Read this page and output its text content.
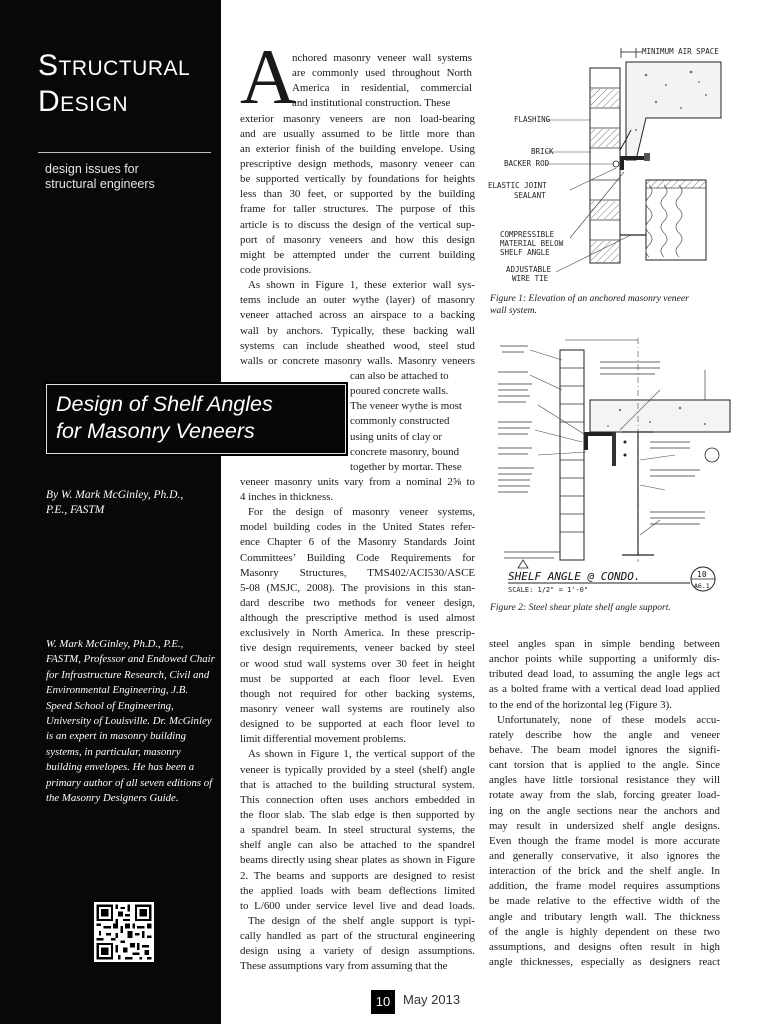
Structural
Design
design issues for
structural engineers
By W. Mark McGinley, Ph.D.,
P.E., FASTM
W. Mark McGinley, Ph.D., P.E., FASTM, Professor and Endowed Chair for Infrastructure Research, Civil and Environmental Engineering, J.B. Speed School of Engineering, University of Louisville. Dr. McGinley is an expert in masonry building systems, in particular, masonry building envelopes. He has been a primary author of all seven editions of the Masonry Designers Guide.
A

nchored masonry veneer wall systems

are commonly used throughout North

America in residential, commercial

and institutional construction. These

exterior masonry veneers are non load-bearing

and are usually assumed to be little more than

an exterior finish of the building envelope. Using

prescriptive design methods, masonry veneer can

be supported vertically by foundations for heights

less than 30 feet, or supported by the building

frame for taller structures. The purpose of this

article is to discuss the design of the vertical sup-

port of masonry veneers and how this design

might be attempted under the current building

code provisions.

As shown in Figure 1, these exterior wall sys-

tems include an outer wythe (layer) of masonry

veneer attached across an airspace to a backing

wall by anchors. Typically, these backing wall

systems can include sheathed wood, steel stud

walls or concrete masonry walls. Masonry veneers

can also be attached to

poured concrete walls.

The veneer wythe is most

commonly constructed

using units of clay or

concrete masonry, bound

together by mortar. These

veneer masonry units vary from a nominal 2⅝ to

4 inches in thickness.

For the design of masonry veneer systems,

model building codes in the United States refer-

ence Chapter 6 of the Masonry Standards Joint

Committees’ Building Code Requirements for

Masonry Structures, TMS402/ACI530/ASCE

5-08 (MSJC, 2008). The provisions in this stan-

dard describe two methods for veneer design,

although the prescriptive method is used almost

exclusively in North America. In these prescrip-

tive design requirements, veneer backed by steel

or wood stud wall systems over 30 feet in height

must be supported at each floor level. Even

though not required for other backing systems,

masonry veneer wall systems are routinely also

designed to be supported at each floor level to

limit differential movement problems.

As shown in Figure 1, the vertical support of the

veneer is typically provided by a steel (shelf) angle

that is attached to the building structural system.

This connection often uses anchors embedded in

the floor slab. The slab edge is then supported by

a spandrel beam. In steel structural systems, the

shelf angle can also be attached to the spandrel

beams directly using shear plates as shown in Figure

2. The beams and supports are designed to resist

the applied loads with beam deflections limited

to L/600 under service level live and dead loads.

The design of the shelf angle support is typi-

cally handled as part of the structural engineering

design using a variety of design assumptions.

These assumptions vary from assuming that the

Design of Shelf Angles
for Masonry Veneers
MINIMUM AIR SPACE
FLASHING
BRICK
BACKER ROD
ELASTIC JOINT
SEALANT
COMPRESSIBLE
MATERIAL BELOW
SHELF ANGLE
ADJUSTABLE
WIRE TIE
Figure 1: Elevation of an anchored masonry veneer
wall system.
SHELF ANGLE @ CONDO.
SCALE: 1/2" = 1'-0"
10
A6.1
Figure 2: Steel shear plate shelf angle support.

steel angles span in simple bending between

anchor points while supporting a uniformly dis-

tributed dead load, to assuming the angle legs act

as a bolted frame with a vertical dead load applied

to the end of the horizontal leg (Figure 3).

Unfortunately, none of these models accu-

rately describe how the angle and veneer

behave. The beam model ignores the signifi-

cant torsion that is applied to the angle. Since

angles have little torsional resistance they will

rotate away from the slab, forcing greater load-

ing on the angle sections near the anchors and

may result in undersized shelf angle designs.

Even though the frame model is more accurate

and generally conservative, it also ignores the

interaction of the brick and the shelf angle. In

addition, the frame model requires assumptions

be made relative to the effective width of the

angle and tributary length wall. The thickness

of the angle is highly dependent on these two

assumptions, and designs often result in high

angle thicknesses, especially as designers react

10 May 2013
